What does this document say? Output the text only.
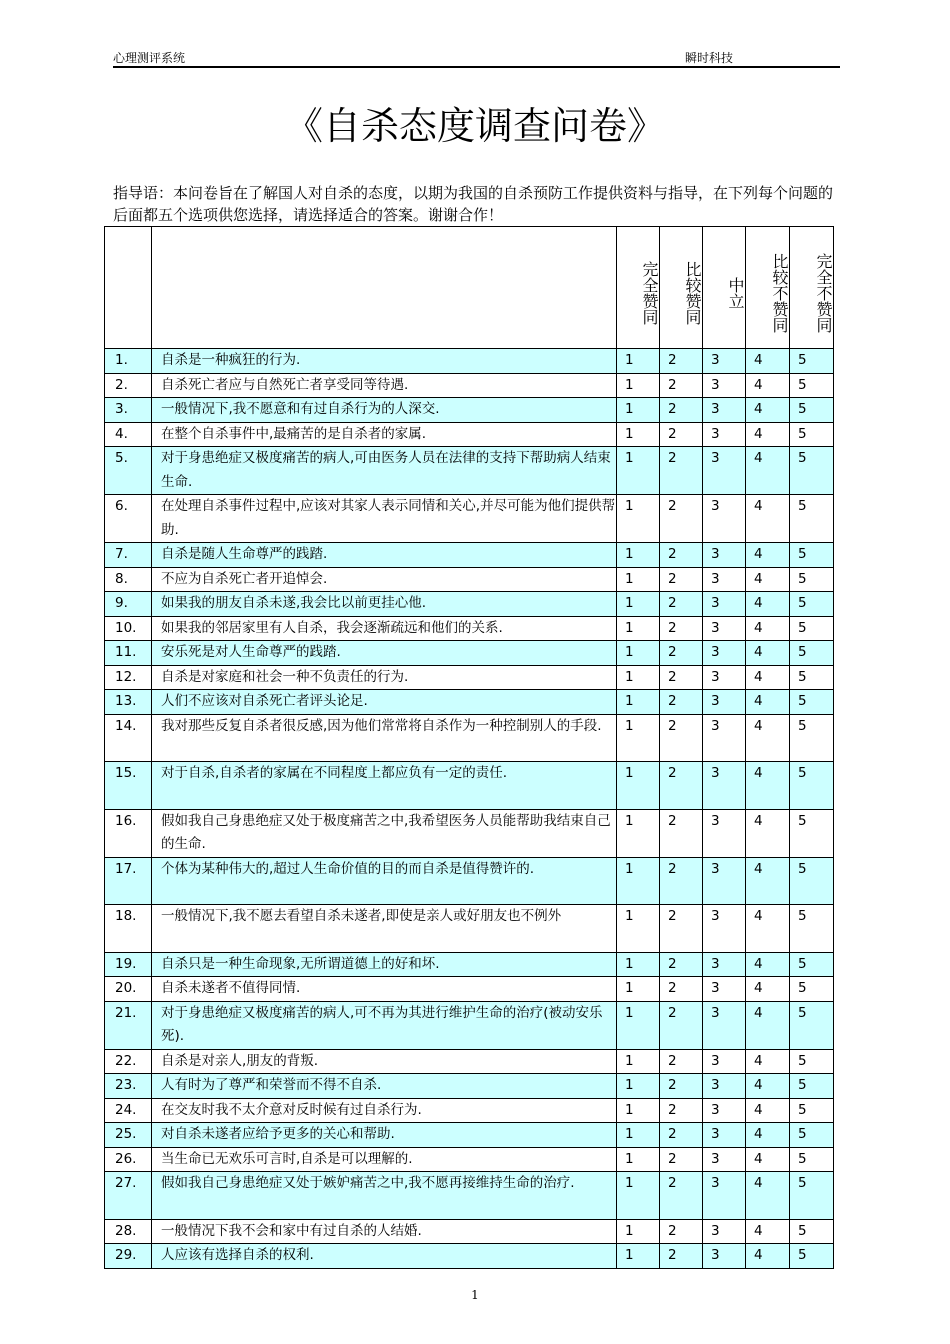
心理测评系统	瞬时科技
《自杀态度调查问卷》
指导语：本问卷旨在了解国人对自杀的态度，以期为我国的自杀预防工作提供资料与指导，在下列每个问题的后面都五个选项供您选择，请选择适合的答案。谢谢合作！
		完全赞同	比较赞同	中立	比较不赞同	完全不赞同
1.	自杀是一种疯狂的行为.	1	2	3	4	5
2.	自杀死亡者应与自然死亡者享受同等待遇.	1	2	3	4	5
3.	一般情况下,我不愿意和有过自杀行为的人深交.	1	2	3	4	5
4.	在整个自杀事件中,最痛苦的是自杀者的家属.	1	2	3	4	5
5.	对于身患绝症又极度痛苦的病人,可由医务人员在法律的支持下帮助病人结束生命.	1	2	3	4	5
6.	在处理自杀事件过程中,应该对其家人表示同情和关心,并尽可能为他们提供帮助.	1	2	3	4	5
7.	自杀是随人生命尊严的践踏.	1	2	3	4	5
8.	不应为自杀死亡者开追悼会.	1	2	3	4	5
9.	如果我的朋友自杀未遂,我会比以前更挂心他.	1	2	3	4	5
10.	如果我的邻居家里有人自杀，我会逐渐疏远和他们的关系.	1	2	3	4	5
11.	安乐死是对人生命尊严的践踏.	1	2	3	4	5
12.	自杀是对家庭和社会一种不负责任的行为.	1	2	3	4	5
13.	人们不应该对自杀死亡者评头论足.	1	2	3	4	5
14.	我对那些反复自杀者很反感,因为他们常常将自杀作为一种控制别人的手段.	1	2	3	4	5
15.	对于自杀,自杀者的家属在不同程度上都应负有一定的责任.	1	2	3	4	5
16.	假如我自己身患绝症又处于极度痛苦之中,我希望医务人员能帮助我结束自己的生命.	1	2	3	4	5
17.	个体为某种伟大的,超过人生命价值的目的而自杀是值得赞许的.	1	2	3	4	5
18.	一般情况下,我不愿去看望自杀未遂者,即使是亲人或好朋友也不例外	1	2	3	4	5
19.	自杀只是一种生命现象,无所谓道德上的好和坏.	1	2	3	4	5
20.	自杀未遂者不值得同情.	1	2	3	4	5
21.	对于身患绝症又极度痛苦的病人,可不再为其进行维护生命的治疗(被动安乐死).	1	2	3	4	5
22.	自杀是对亲人,朋友的背叛.	1	2	3	4	5
23.	人有时为了尊严和荣誉而不得不自杀.	1	2	3	4	5
24.	在交友时我不太介意对反时候有过自杀行为.	1	2	3	4	5
25.	对自杀未遂者应给予更多的关心和帮助.	1	2	3	4	5
26.	当生命已无欢乐可言时,自杀是可以理解的.	1	2	3	4	5
27.	假如我自己身患绝症又处于嫉妒痛苦之中,我不愿再接维持生命的治疗.	1	2	3	4	5
28.	一般情况下我不会和家中有过自杀的人结婚.	1	2	3	4	5
29.	人应该有选择自杀的权利.	1	2	3	4	5
1
